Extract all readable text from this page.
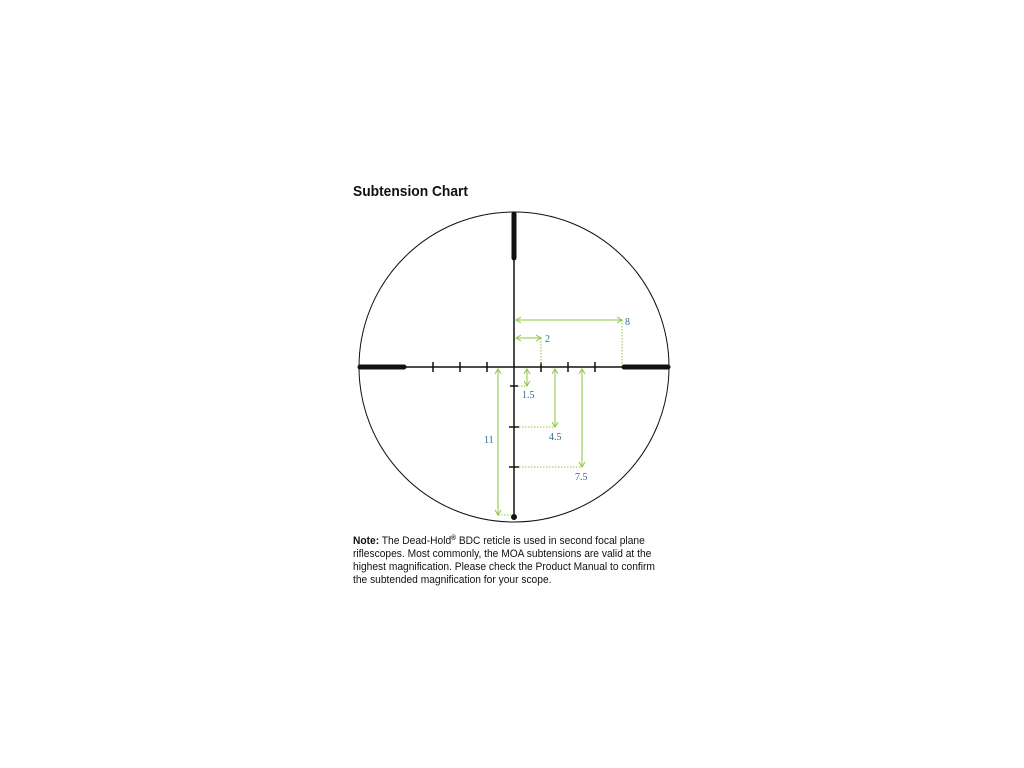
Subtension Chart
8
2
1.5
4.5
7.5
11
Note: The Dead-Hold® BDC reticle is used in second focal plane riflescopes. Most commonly, the MOA subtensions are valid at the highest magnification. Please check the Product Manual to confirm the subtended magnification for your scope.
